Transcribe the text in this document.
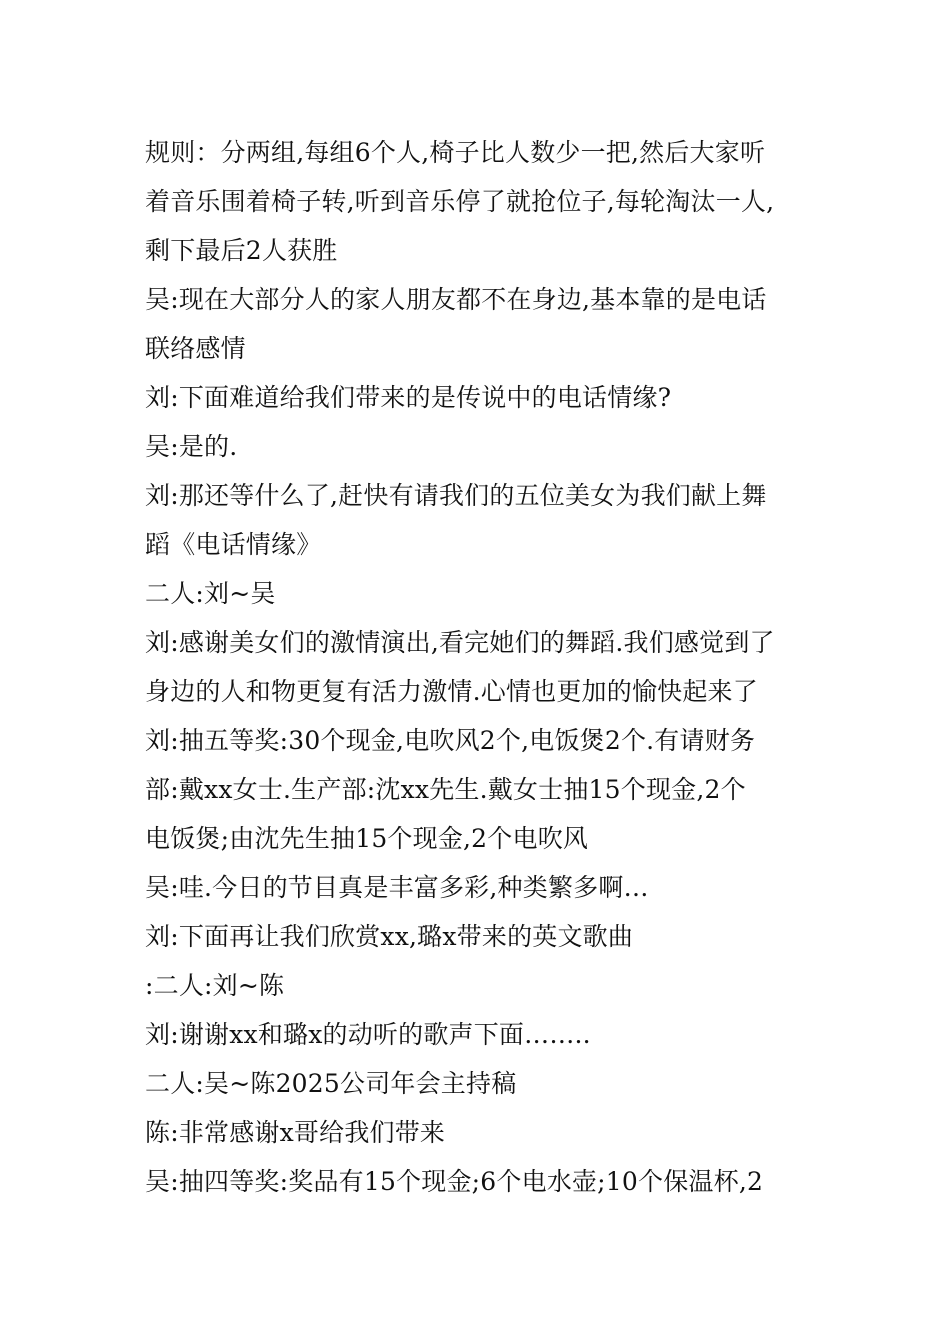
规则：分两组,每组6个人,椅子比人数少一把,然后大家听
着音乐围着椅子转,听到音乐停了就抢位子,每轮淘汰一人,
剩下最后2人获胜
吴:现在大部分人的家人朋友都不在身边,基本靠的是电话
联络感情
刘:下面难道给我们带来的是传说中的电话情缘?
吴:是的.
刘:那还等什么了,赶快有请我们的五位美女为我们献上舞
蹈《电话情缘》
二人:刘~吴
刘:感谢美女们的激情演出,看完她们的舞蹈.我们感觉到了
身边的人和物更复有活力激情.心情也更加的愉快起来了
刘:抽五等奖:30个现金,电吹风2个,电饭煲2个.有请财务
部:戴xx女士.生产部:沈xx先生.戴女士抽15个现金,2个
电饭煲;由沈先生抽15个现金,2个电吹风
吴:哇.今日的节目真是丰富多彩,种类繁多啊…
刘:下面再让我们欣赏xx,璐x带来的英文歌曲
:二人:刘~陈
刘:谢谢xx和璐x的动听的歌声下面……..
二人:吴~陈2025公司年会主持稿
陈:非常感谢x哥给我们带来
吴:抽四等奖:奖品有15个现金;6个电水壶;10个保温杯,2
